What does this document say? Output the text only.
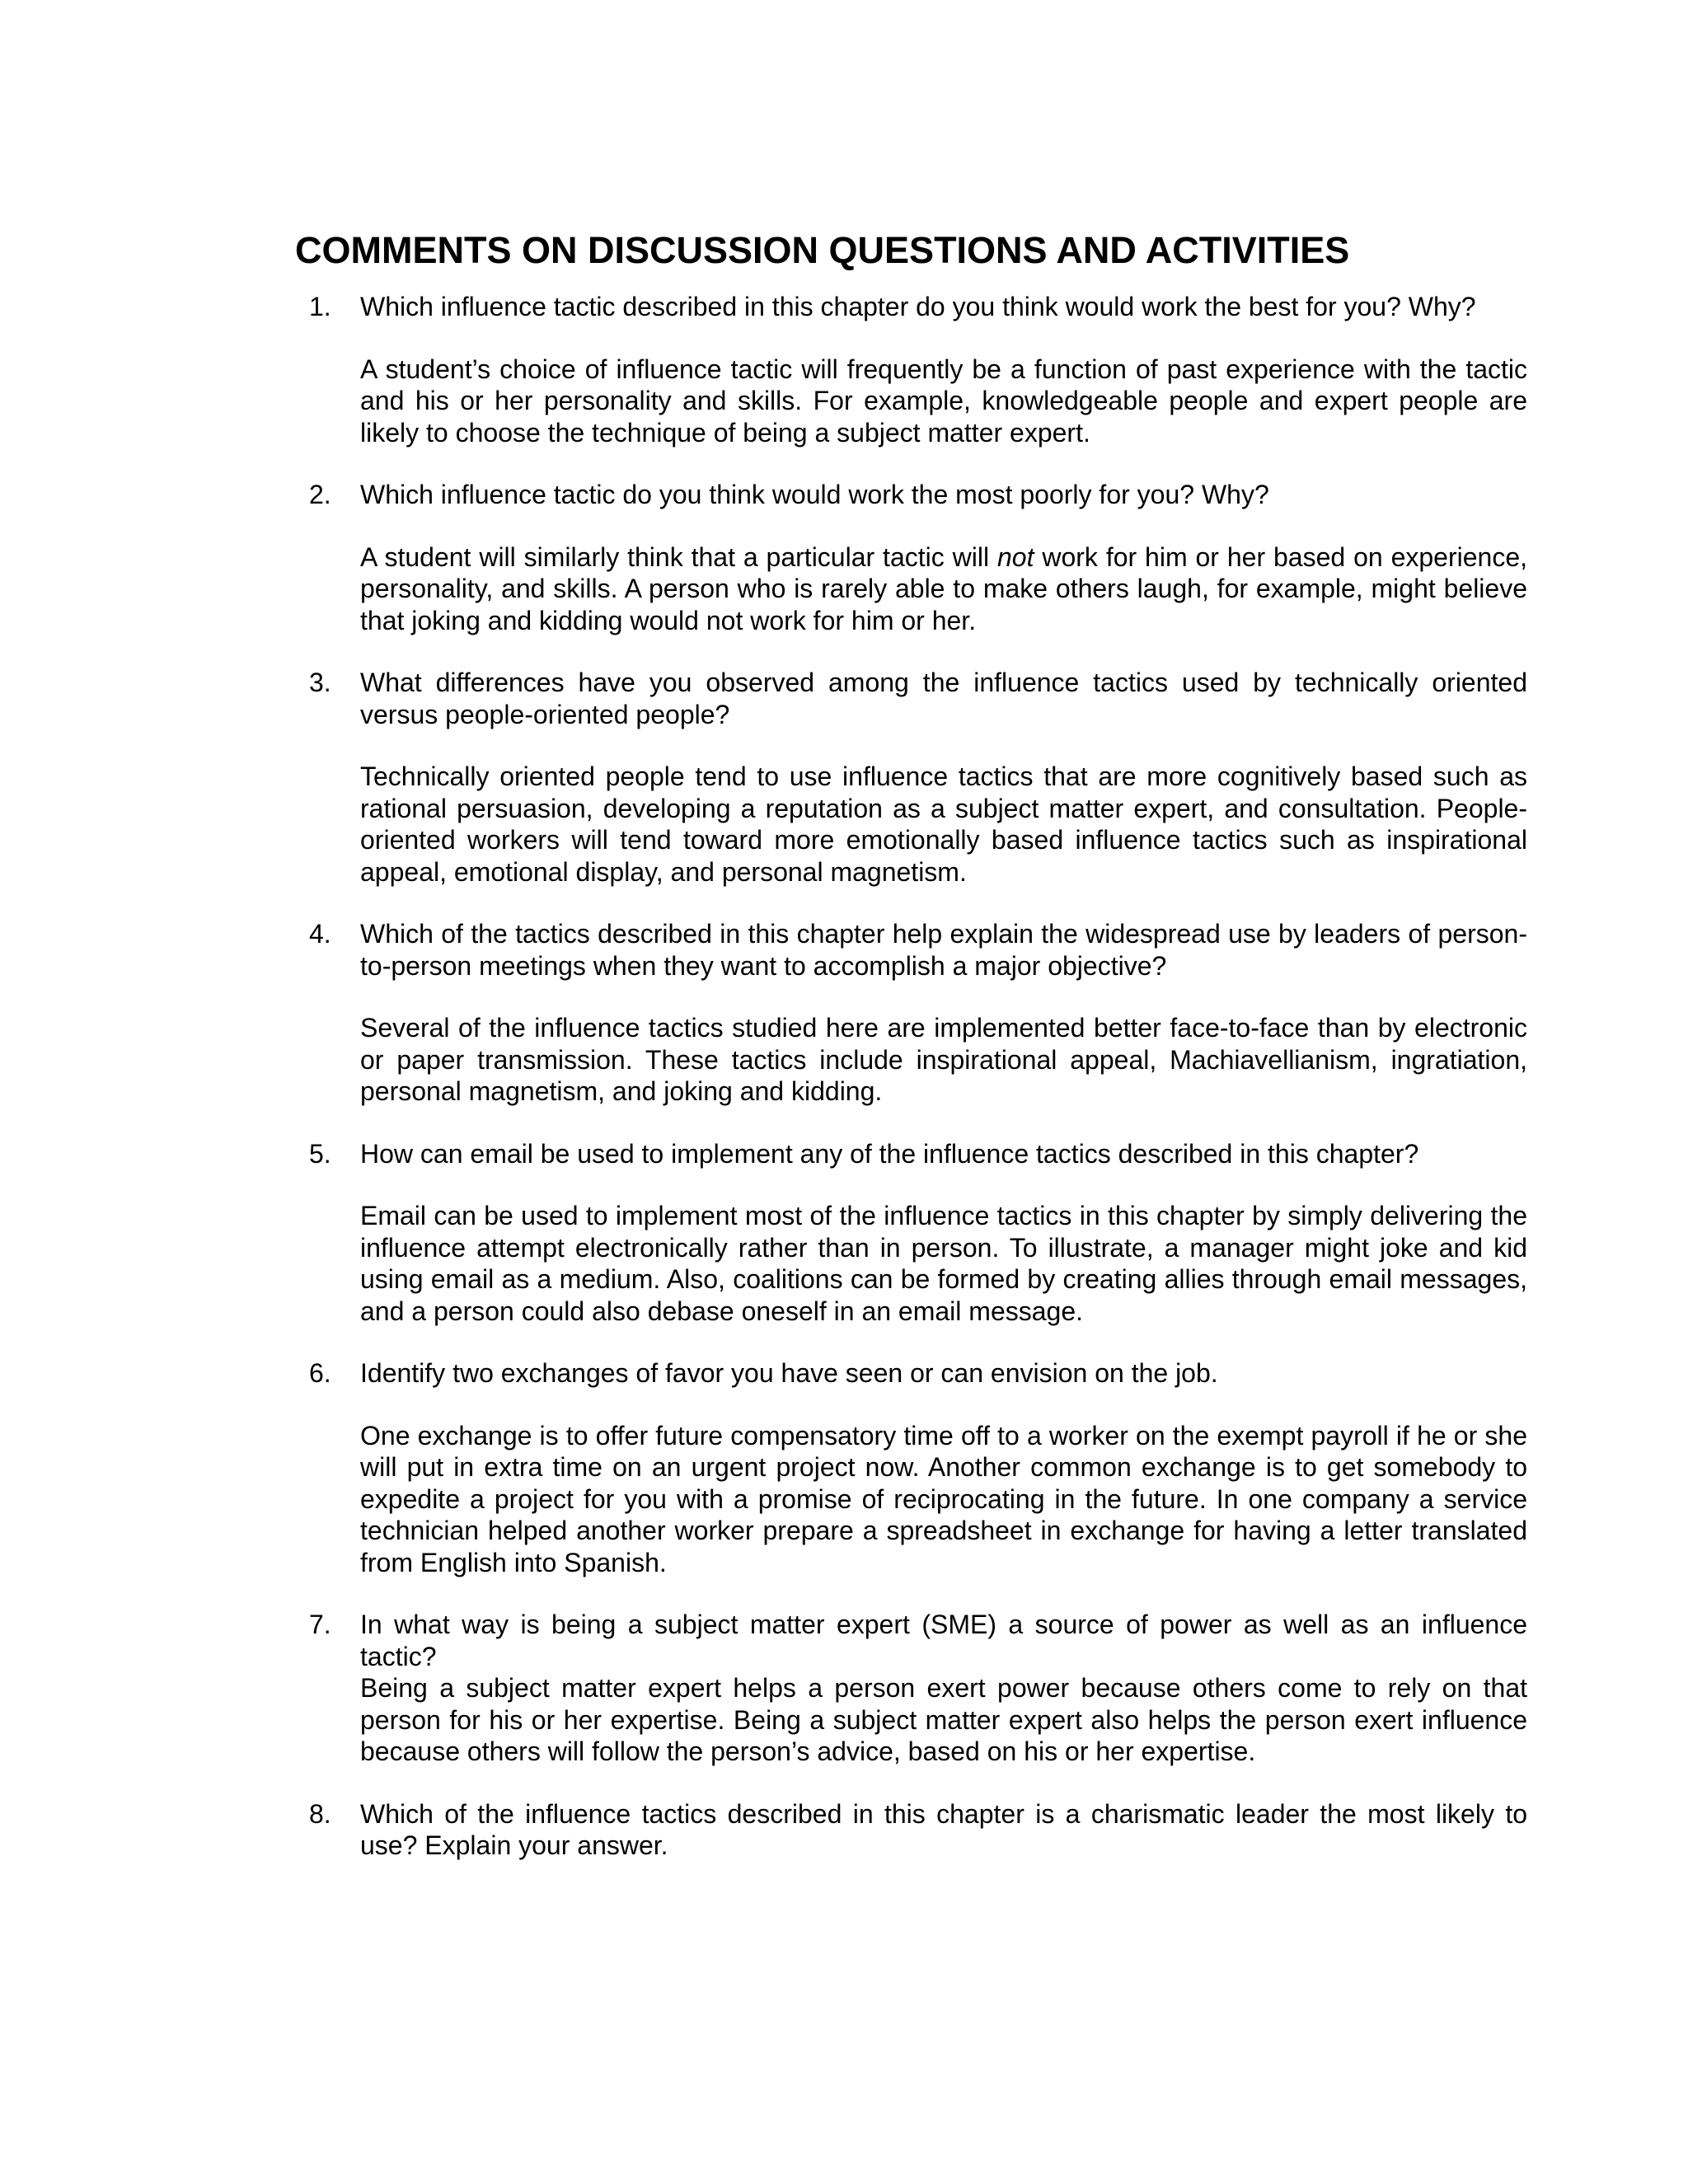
COMMENTS ON DISCUSSION QUESTIONS AND ACTIVITIES
1. Which influence tactic described in this chapter do you think would work the best for you? Why?

A student’s choice of influence tactic will frequently be a function of past experience with the tactic and his or her personality and skills. For example, knowledgeable people and expert people are likely to choose the technique of being a subject matter expert.

2. Which influence tactic do you think would work the most poorly for you? Why?

A student will similarly think that a particular tactic will not work for him or her based on experience, personality, and skills. A person who is rarely able to make others laugh, for example, might believe that joking and kidding would not work for him or her.

3. What differences have you observed among the influence tactics used by technically oriented versus people-oriented people?

Technically oriented people tend to use influence tactics that are more cognitively based such as rational persuasion, developing a reputation as a subject matter expert, and consultation. People-oriented workers will tend toward more emotionally based influence tactics such as inspirational appeal, emotional display, and personal magnetism.

4. Which of the tactics described in this chapter help explain the widespread use by leaders of person-to-person meetings when they want to accomplish a major objective?

Several of the influence tactics studied here are implemented better face-to-face than by electronic or paper transmission. These tactics include inspirational appeal, Machiavellianism, ingratiation, personal magnetism, and joking and kidding.

5. How can email be used to implement any of the influence tactics described in this chapter?

Email can be used to implement most of the influence tactics in this chapter by simply delivering the influence attempt electronically rather than in person. To illustrate, a manager might joke and kid using email as a medium. Also, coalitions can be formed by creating allies through email messages, and a person could also debase oneself in an email message.

6. Identify two exchanges of favor you have seen or can envision on the job.

One exchange is to offer future compensatory time off to a worker on the exempt payroll if he or she will put in extra time on an urgent project now. Another common exchange is to get somebody to expedite a project for you with a promise of reciprocating in the future. In one company a service technician helped another worker prepare a spreadsheet in exchange for having a letter translated from English into Spanish.

7. In what way is being a subject matter expert (SME) a source of power as well as an influence tactic?

Being a subject matter expert helps a person exert power because others come to rely on that person for his or her expertise. Being a subject matter expert also helps the person exert influence because others will follow the person’s advice, based on his or her expertise.

8. Which of the influence tactics described in this chapter is a charismatic leader the most likely to use? Explain your answer.
